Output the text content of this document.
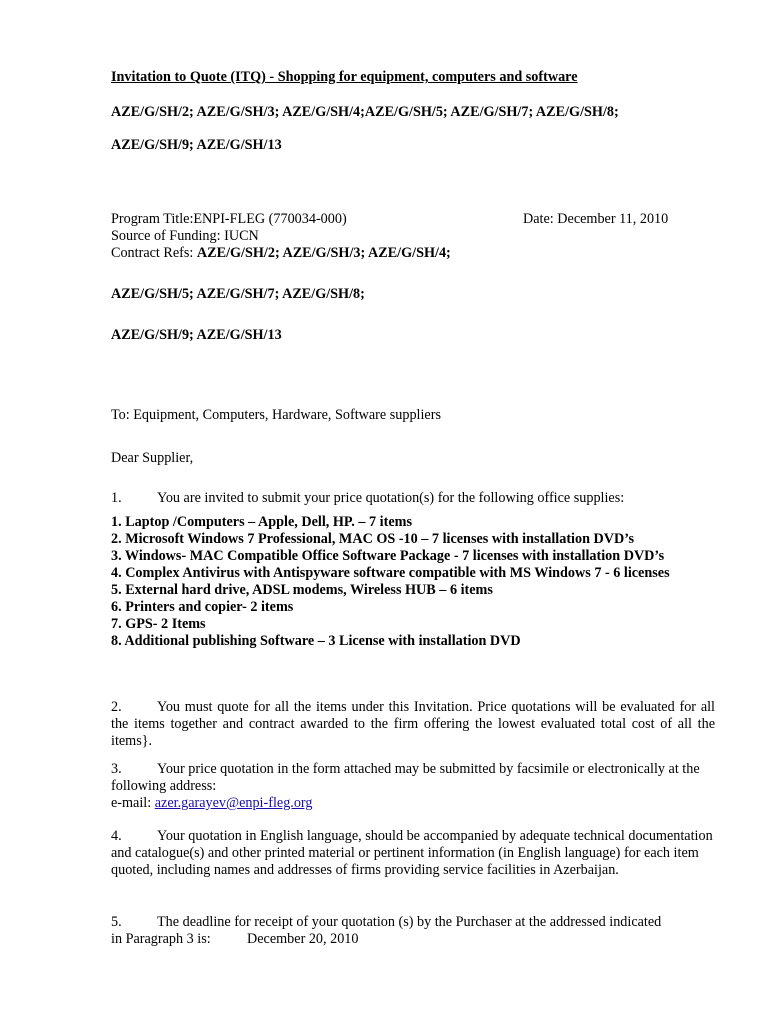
Invitation to Quote (ITQ) - Shopping for equipment, computers and software
AZE/G/SH/2; AZE/G/SH/3; AZE/G/SH/4;AZE/G/SH/5; AZE/G/SH/7; AZE/G/SH/8;
AZE/G/SH/9; AZE/G/SH/13
Program Title:ENPI-FLEG (770034-000)	Date: December 11, 2010
Source of Funding: IUCN
Contract Refs: AZE/G/SH/2; AZE/G/SH/3; AZE/G/SH/4;
AZE/G/SH/5; AZE/G/SH/7; AZE/G/SH/8;
AZE/G/SH/9; AZE/G/SH/13
To: Equipment, Computers, Hardware, Software suppliers
Dear Supplier,
1. You are invited to submit your price quotation(s) for the following office supplies:
1. Laptop /Computers – Apple, Dell, HP. – 7 items
2. Microsoft Windows 7 Professional, MAC OS -10 – 7 licenses with installation DVD’s
3. Windows- MAC Compatible Office Software Package - 7 licenses with installation DVD’s
4. Complex Antivirus with Antispyware software compatible with MS Windows 7 - 6 licenses
5. External hard drive, ADSL modems, Wireless HUB – 6 items
6. Printers and copier- 2 items
7. GPS- 2 Items
8. Additional publishing Software – 3 License with installation DVD
2. You must quote for all the items under this Invitation. Price quotations will be evaluated for all the items together and contract awarded to the firm offering the lowest evaluated total cost of all the items}.
3. Your price quotation in the form attached may be submitted by facsimile or electronically at the following address:
e-mail: azer.garayev@enpi-fleg.org
4. Your quotation in English language, should be accompanied by adequate technical documentation and catalogue(s) and other printed material or pertinent information (in English language) for each item quoted, including names and addresses of firms providing service facilities in Azerbaijan.
5. The deadline for receipt of your quotation (s) by the Purchaser at the addressed indicated
in Paragraph 3 is:	December 20, 2010
